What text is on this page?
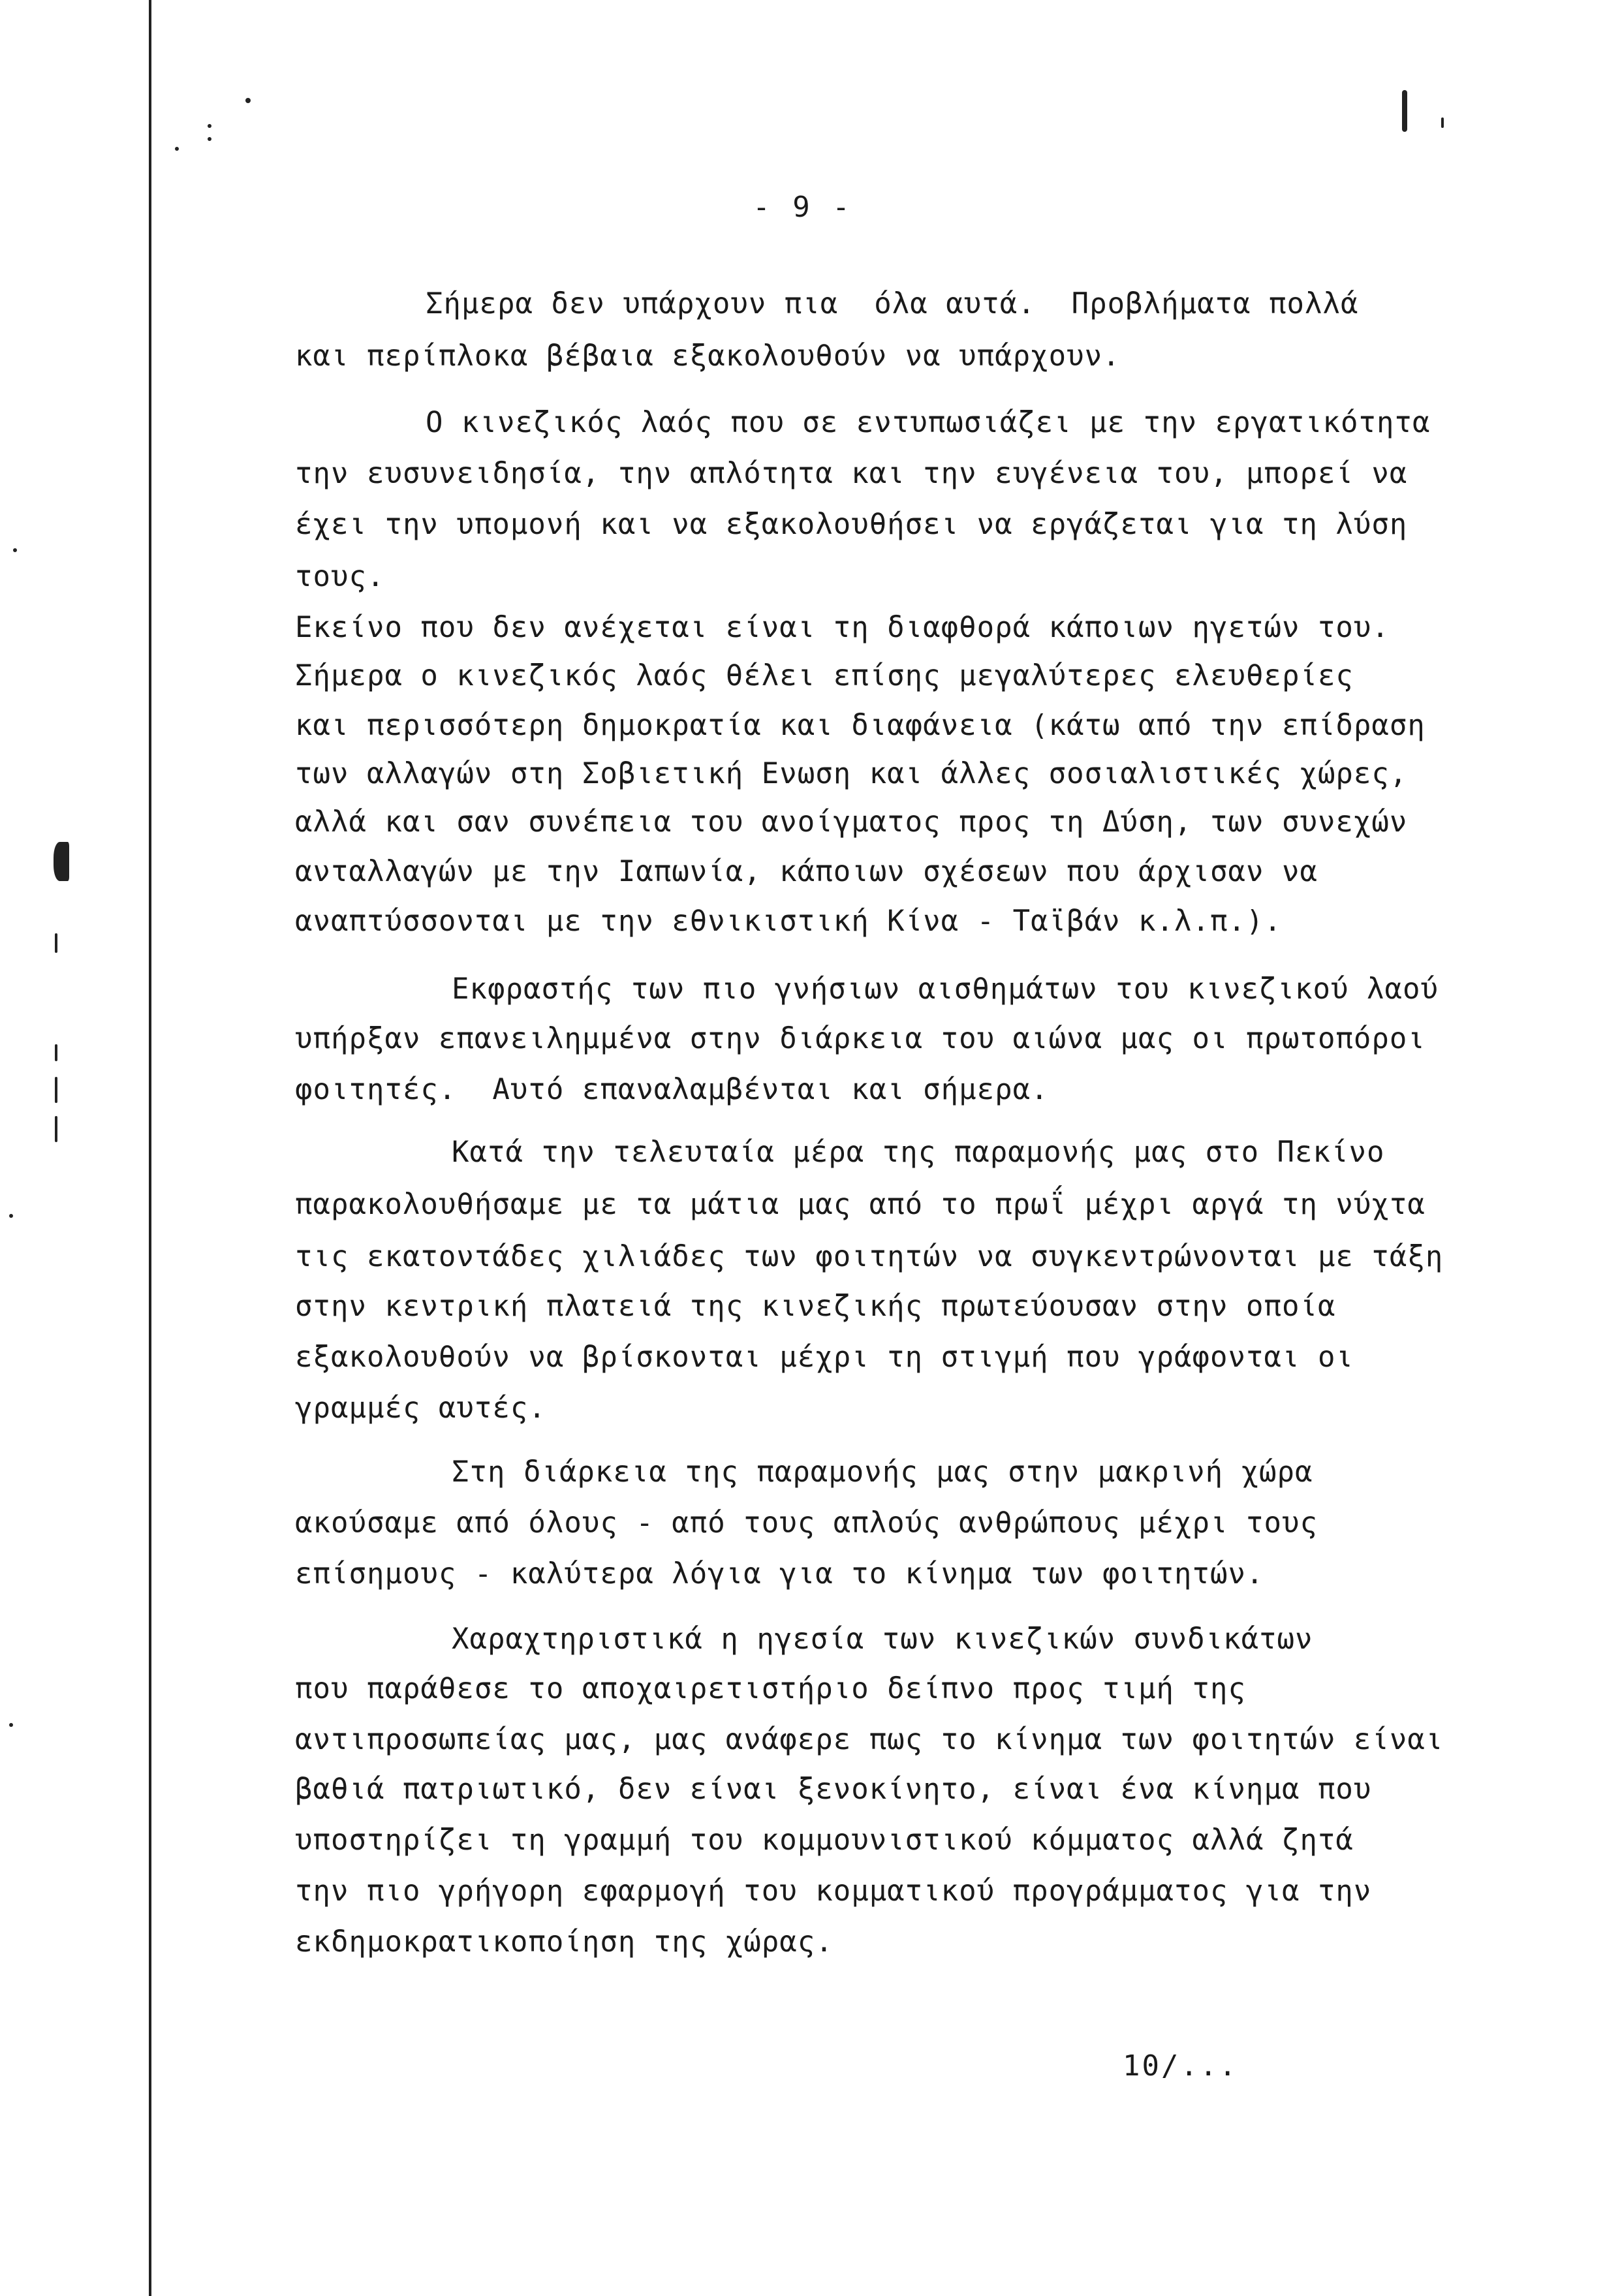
- 9 -
Σήμερα δεν υπάρχουν πια  όλα αυτά.  Προβλήματα πολλά
και περίπλοκα βέβαια εξακολουθούν να υπάρχουν.
Ο κινεζικός λαός που σε εντυπωσιάζει με την εργατικότητα
την ευσυνειδησία, την απλότητα και την ευγένεια του, μπορεί να
έχει την υπομονή και να εξακολουθήσει να εργάζεται για τη λύση
τους.
Εκείνο που δεν ανέχεται είναι τη διαφθορά κάποιων ηγετών του.
Σήμερα ο κινεζικός λαός θέλει επίσης μεγαλύτερες ελευθερίες
και περισσότερη δημοκρατία και διαφάνεια (κάτω από την επίδραση
των αλλαγών στη Σοβιετική Ενωση και άλλες σοσιαλιστικές χώρες,
αλλά και σαν συνέπεια του ανοίγματος προς τη Δύση, των συνεχών
ανταλλαγών με την Ιαπωνία, κάποιων σχέσεων που άρχισαν να
αναπτύσσονται με την εθνικιστική Κίνα - Ταϊβάν κ.λ.π.).
Εκφραστής των πιο γνήσιων αισθημάτων του κινεζικού λαού
υπήρξαν επανειλημμένα στην διάρκεια του αιώνα μας οι πρωτοπόροι
φοιτητές.  Αυτό επαναλαμβένται και σήμερα.
Κατά την τελευταία μέρα της παραμονής μας στο Πεκίνο
παρακολουθήσαμε με τα μάτια μας από το πρωΐ μέχρι αργά τη νύχτα
τις εκατοντάδες χιλιάδες των φοιτητών να συγκεντρώνονται με τάξη
στην κεντρική πλατειά της κινεζικής πρωτεύουσαν στην οποία
εξακολουθούν να βρίσκονται μέχρι τη στιγμή που γράφονται οι
γραμμές αυτές.
Στη διάρκεια της παραμονής μας στην μακρινή χώρα
ακούσαμε από όλους - από τους απλούς ανθρώπους μέχρι τους
επίσημους - καλύτερα λόγια για το κίνημα των φοιτητών.
Χαραχτηριστικά η ηγεσία των κινεζικών συνδικάτων
που παράθεσε το αποχαιρετιστήριο δείπνο προς τιμή της
αντιπροσωπείας μας, μας ανάφερε πως το κίνημα των φοιτητών είναι
βαθιά πατριωτικό, δεν είναι ξενοκίνητο, είναι ένα κίνημα που
υποστηρίζει τη γραμμή του κομμουνιστικού κόμματος αλλά ζητά
την πιο γρήγορη εφαρμογή του κομματικού προγράμματος για την
εκδημοκρατικοποίηση της χώρας.
10/...
